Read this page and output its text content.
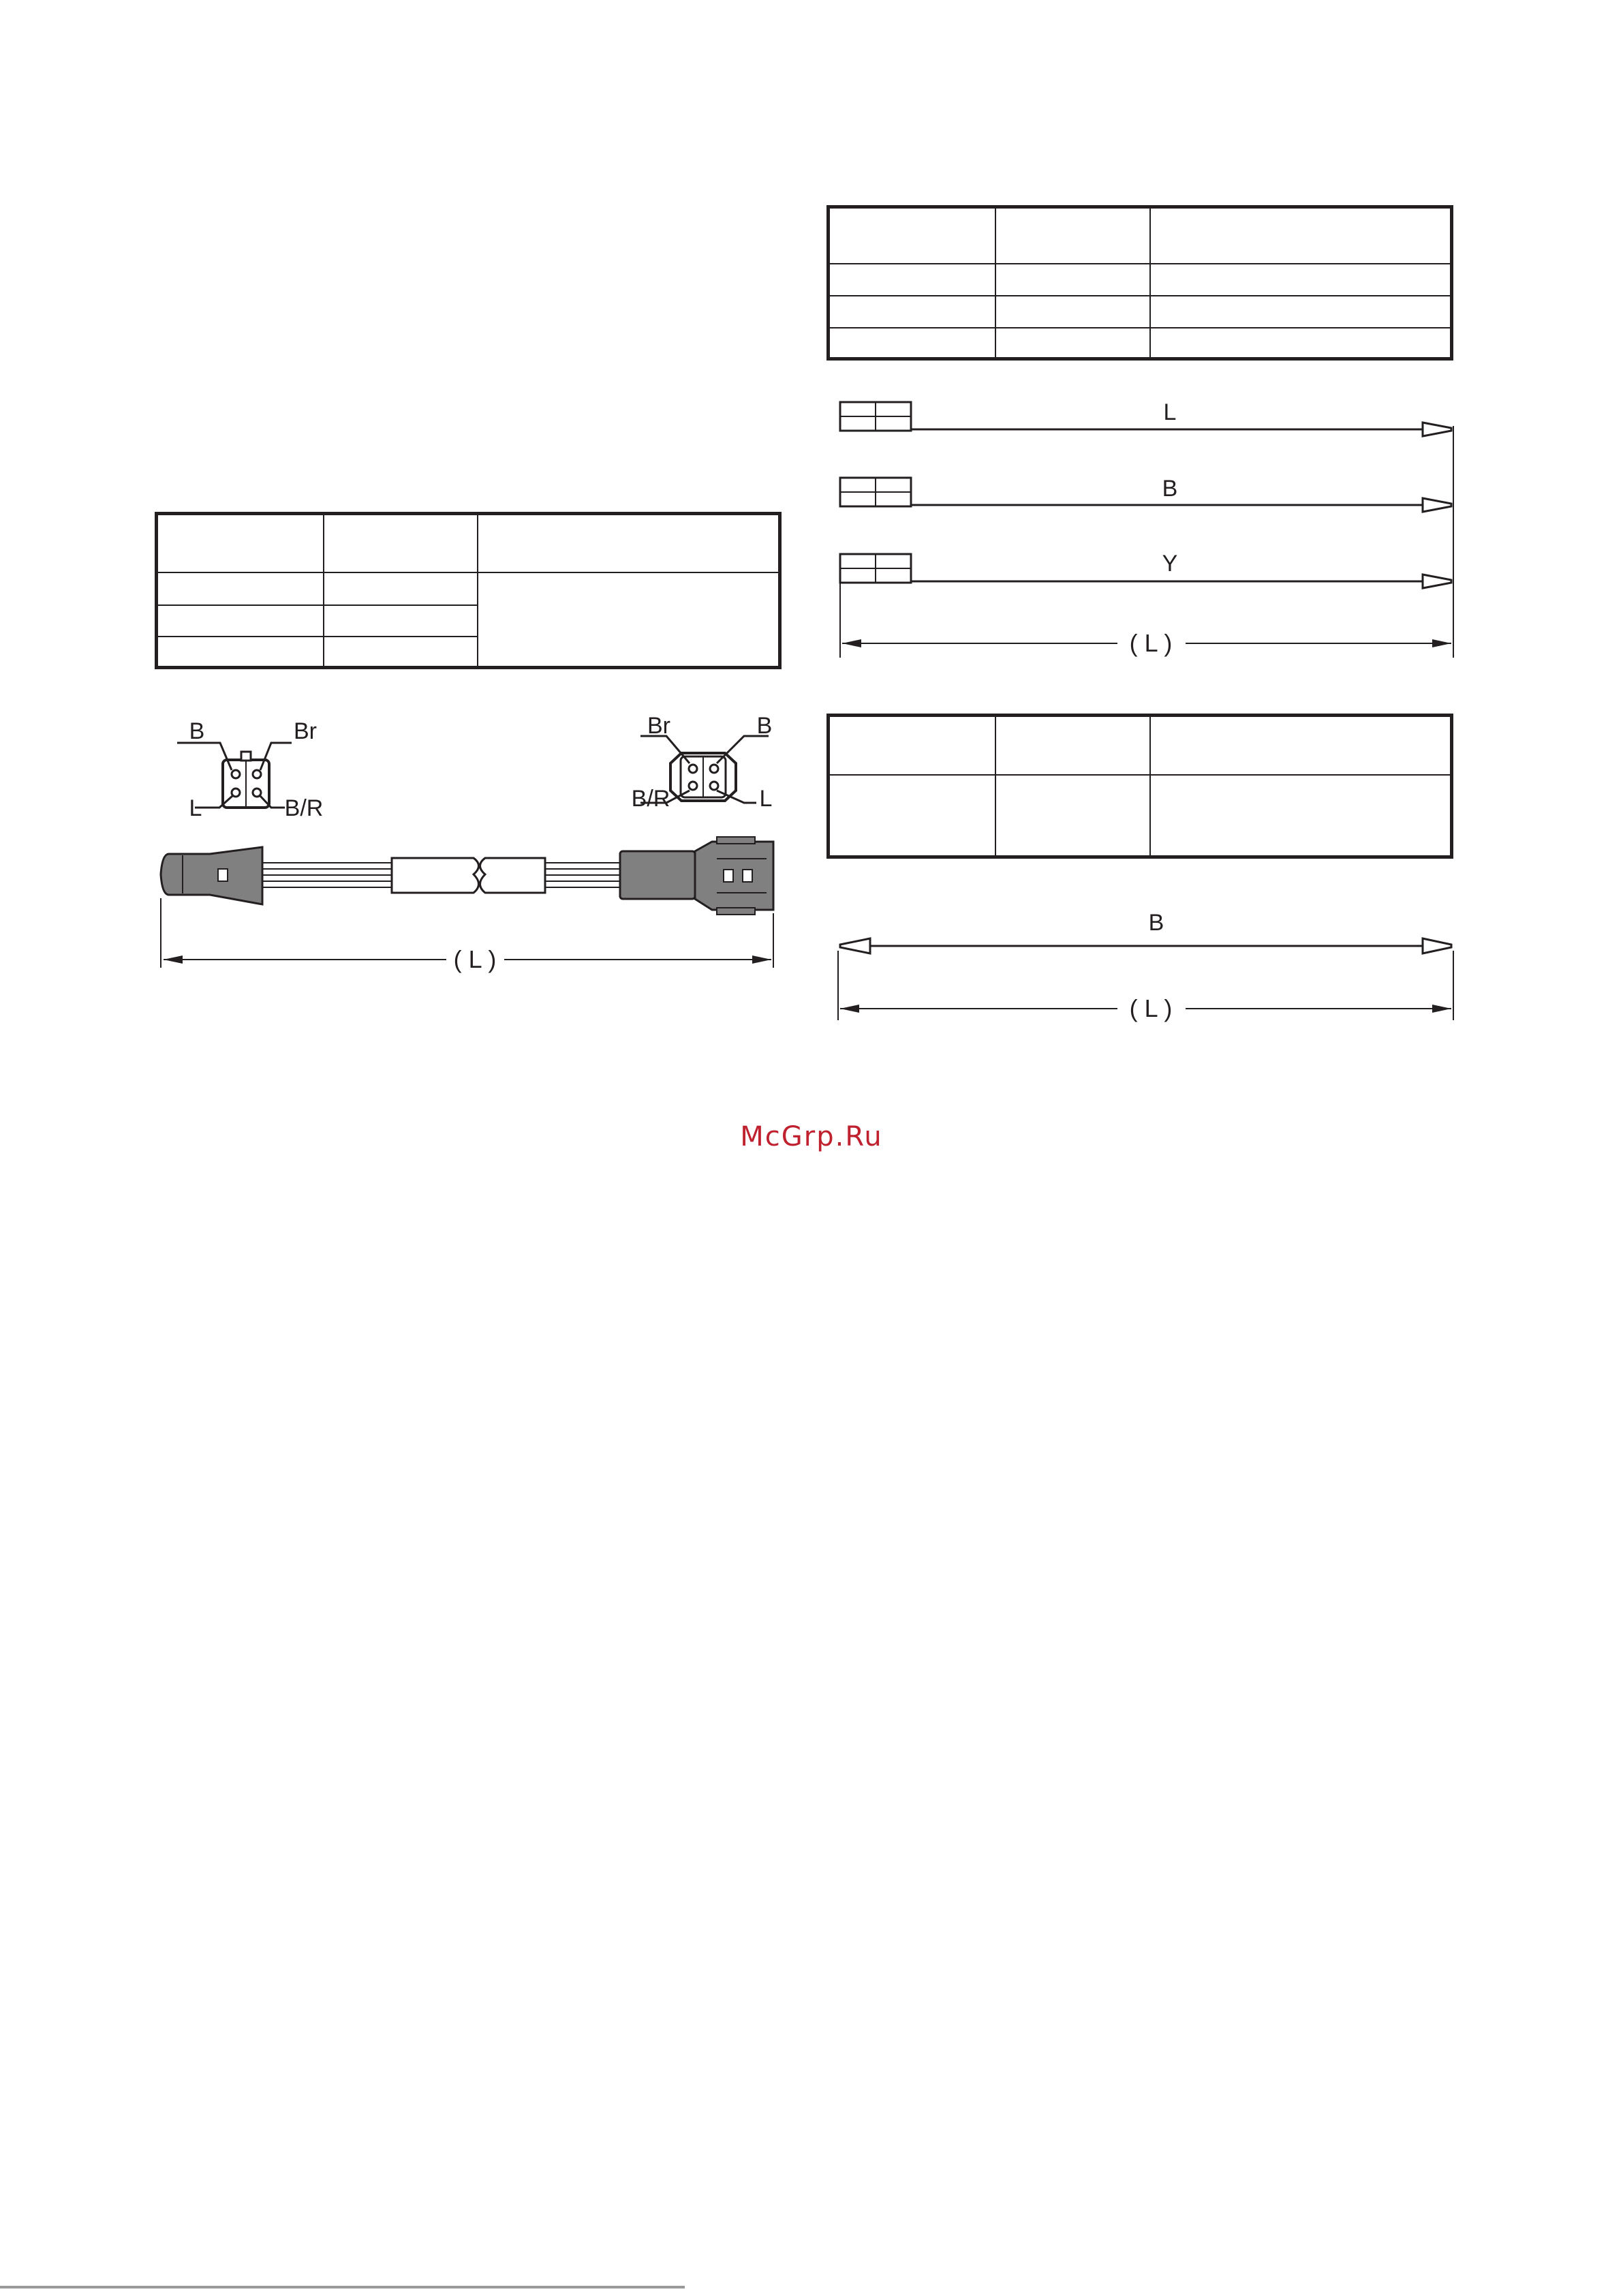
B	Br
L	B/R
Br	B
B/R	L
( L )
L
B
Y
( L )
B
( L )
McGrp.Ru
